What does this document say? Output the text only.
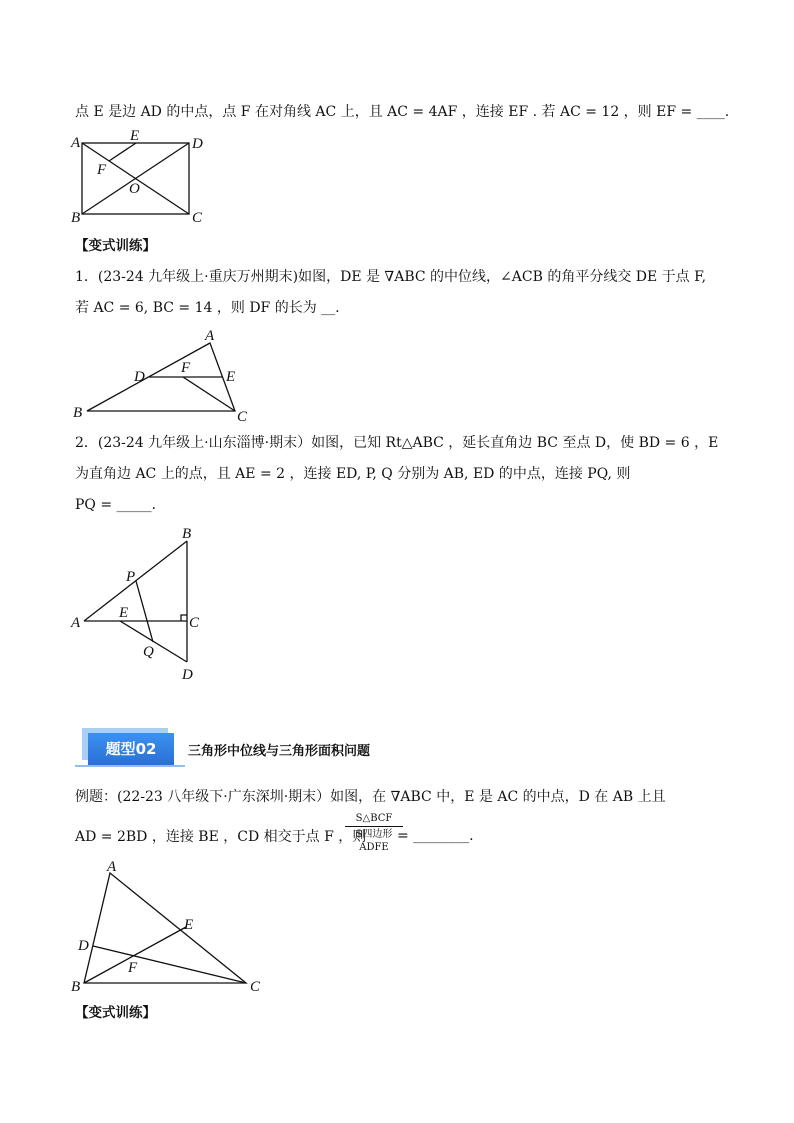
点 E 是边 AD 的中点，点 F 在对角线 AC 上，且 AC = 4AF ，连接 EF . 若 AC = 12 ，则 EF = ____.
A	E	D
F
O
B	C
A
D
F
E
B	C
B
P
A
E
C
Q
D
A
E
D
F
B	C
【变式训练】
1．(23-24 九年级上·重庆万州期末)如图，DE 是 ∇ABC 的中位线，∠ACB 的角平分线交 DE 于点 F,
若 AC = 6, BC = 14 ，则 DF 的长为 __.
2．(23-24 九年级上·山东淄博·期末）如图，已知 Rt△ABC ，延长直角边 BC 至点 D，使 BD = 6 ，E
为直角边 AC 上的点，且 AE = 2 ，连接 ED, P, Q 分别为 AB, ED 的中点，连接 PQ, 则
PQ = _____.
题型02	三角形中位线与三角形面积问题
例题：(22-23 八年级下·广东深圳·期末）如图，在 ∇ABC 中，E 是 AC 的中点，D 在 AB 上且
AD = 2BD ，连接 BE ，CD 相交于点 F ，则
S△BCF
S四边形ADFE
= ________.
【变式训练】
